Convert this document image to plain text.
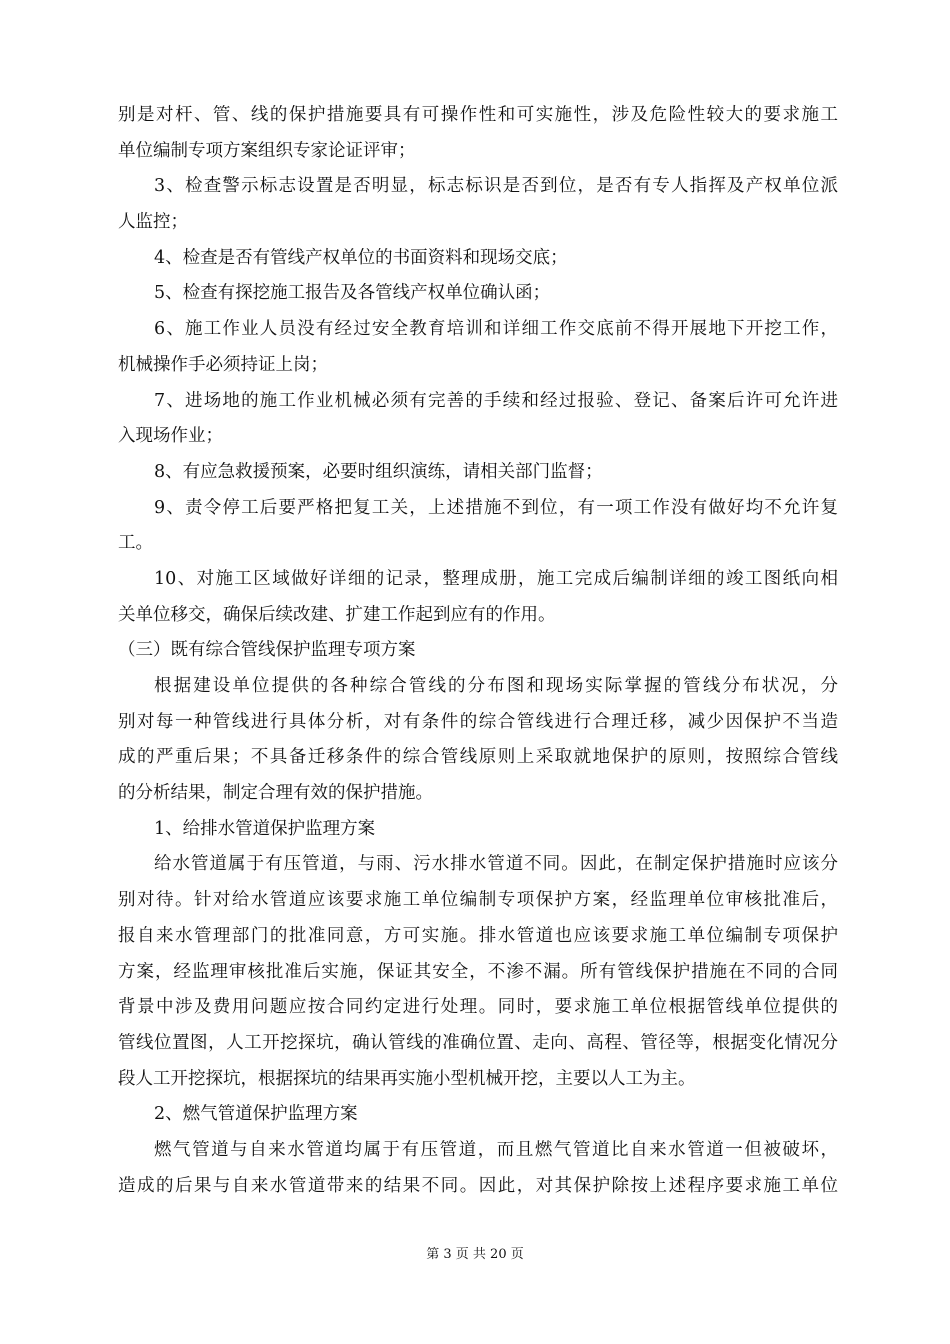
别是对杆、管、线的保护措施要具有可操作性和可实施性，涉及危险性较大的要求施工
单位编制专项方案组织专家论证评审；
3、检查警示标志设置是否明显，标志标识是否到位，是否有专人指挥及产权单位派
人监控；
4、检查是否有管线产权单位的书面资料和现场交底；
5、检查有探挖施工报告及各管线产权单位确认函；
6、施工作业人员没有经过安全教育培训和详细工作交底前不得开展地下开挖工作，
机械操作手必须持证上岗；
7、进场地的施工作业机械必须有完善的手续和经过报验、登记、备案后许可允许进
入现场作业；
8、有应急救援预案，必要时组织演练，请相关部门监督；
9、责令停工后要严格把复工关，上述措施不到位，有一项工作没有做好均不允许复
工。
10、对施工区域做好详细的记录，整理成册，施工完成后编制详细的竣工图纸向相
关单位移交，确保后续改建、扩建工作起到应有的作用。
（三）既有综合管线保护监理专项方案
根据建设单位提供的各种综合管线的分布图和现场实际掌握的管线分布状况，分
别对每一种管线进行具体分析，对有条件的综合管线进行合理迁移，减少因保护不当造
成的严重后果；不具备迁移条件的综合管线原则上采取就地保护的原则，按照综合管线
的分析结果，制定合理有效的保护措施。
1、给排水管道保护监理方案
给水管道属于有压管道，与雨、污水排水管道不同。因此，在制定保护措施时应该分
别对待。针对给水管道应该要求施工单位编制专项保护方案，经监理单位审核批准后，
报自来水管理部门的批准同意，方可实施。排水管道也应该要求施工单位编制专项保护
方案，经监理审核批准后实施，保证其安全，不渗不漏。所有管线保护措施在不同的合同
背景中涉及费用问题应按合同约定进行处理。同时，要求施工单位根据管线单位提供的
管线位置图，人工开挖探坑，确认管线的准确位置、走向、高程、管径等，根据变化情况分
段人工开挖探坑，根据探坑的结果再实施小型机械开挖，主要以人工为主。
2、燃气管道保护监理方案
燃气管道与自来水管道均属于有压管道，而且燃气管道比自来水管道一但被破坏，
造成的后果与自来水管道带来的结果不同。因此，对其保护除按上述程序要求施工单位
第 3 页 共 20 页
